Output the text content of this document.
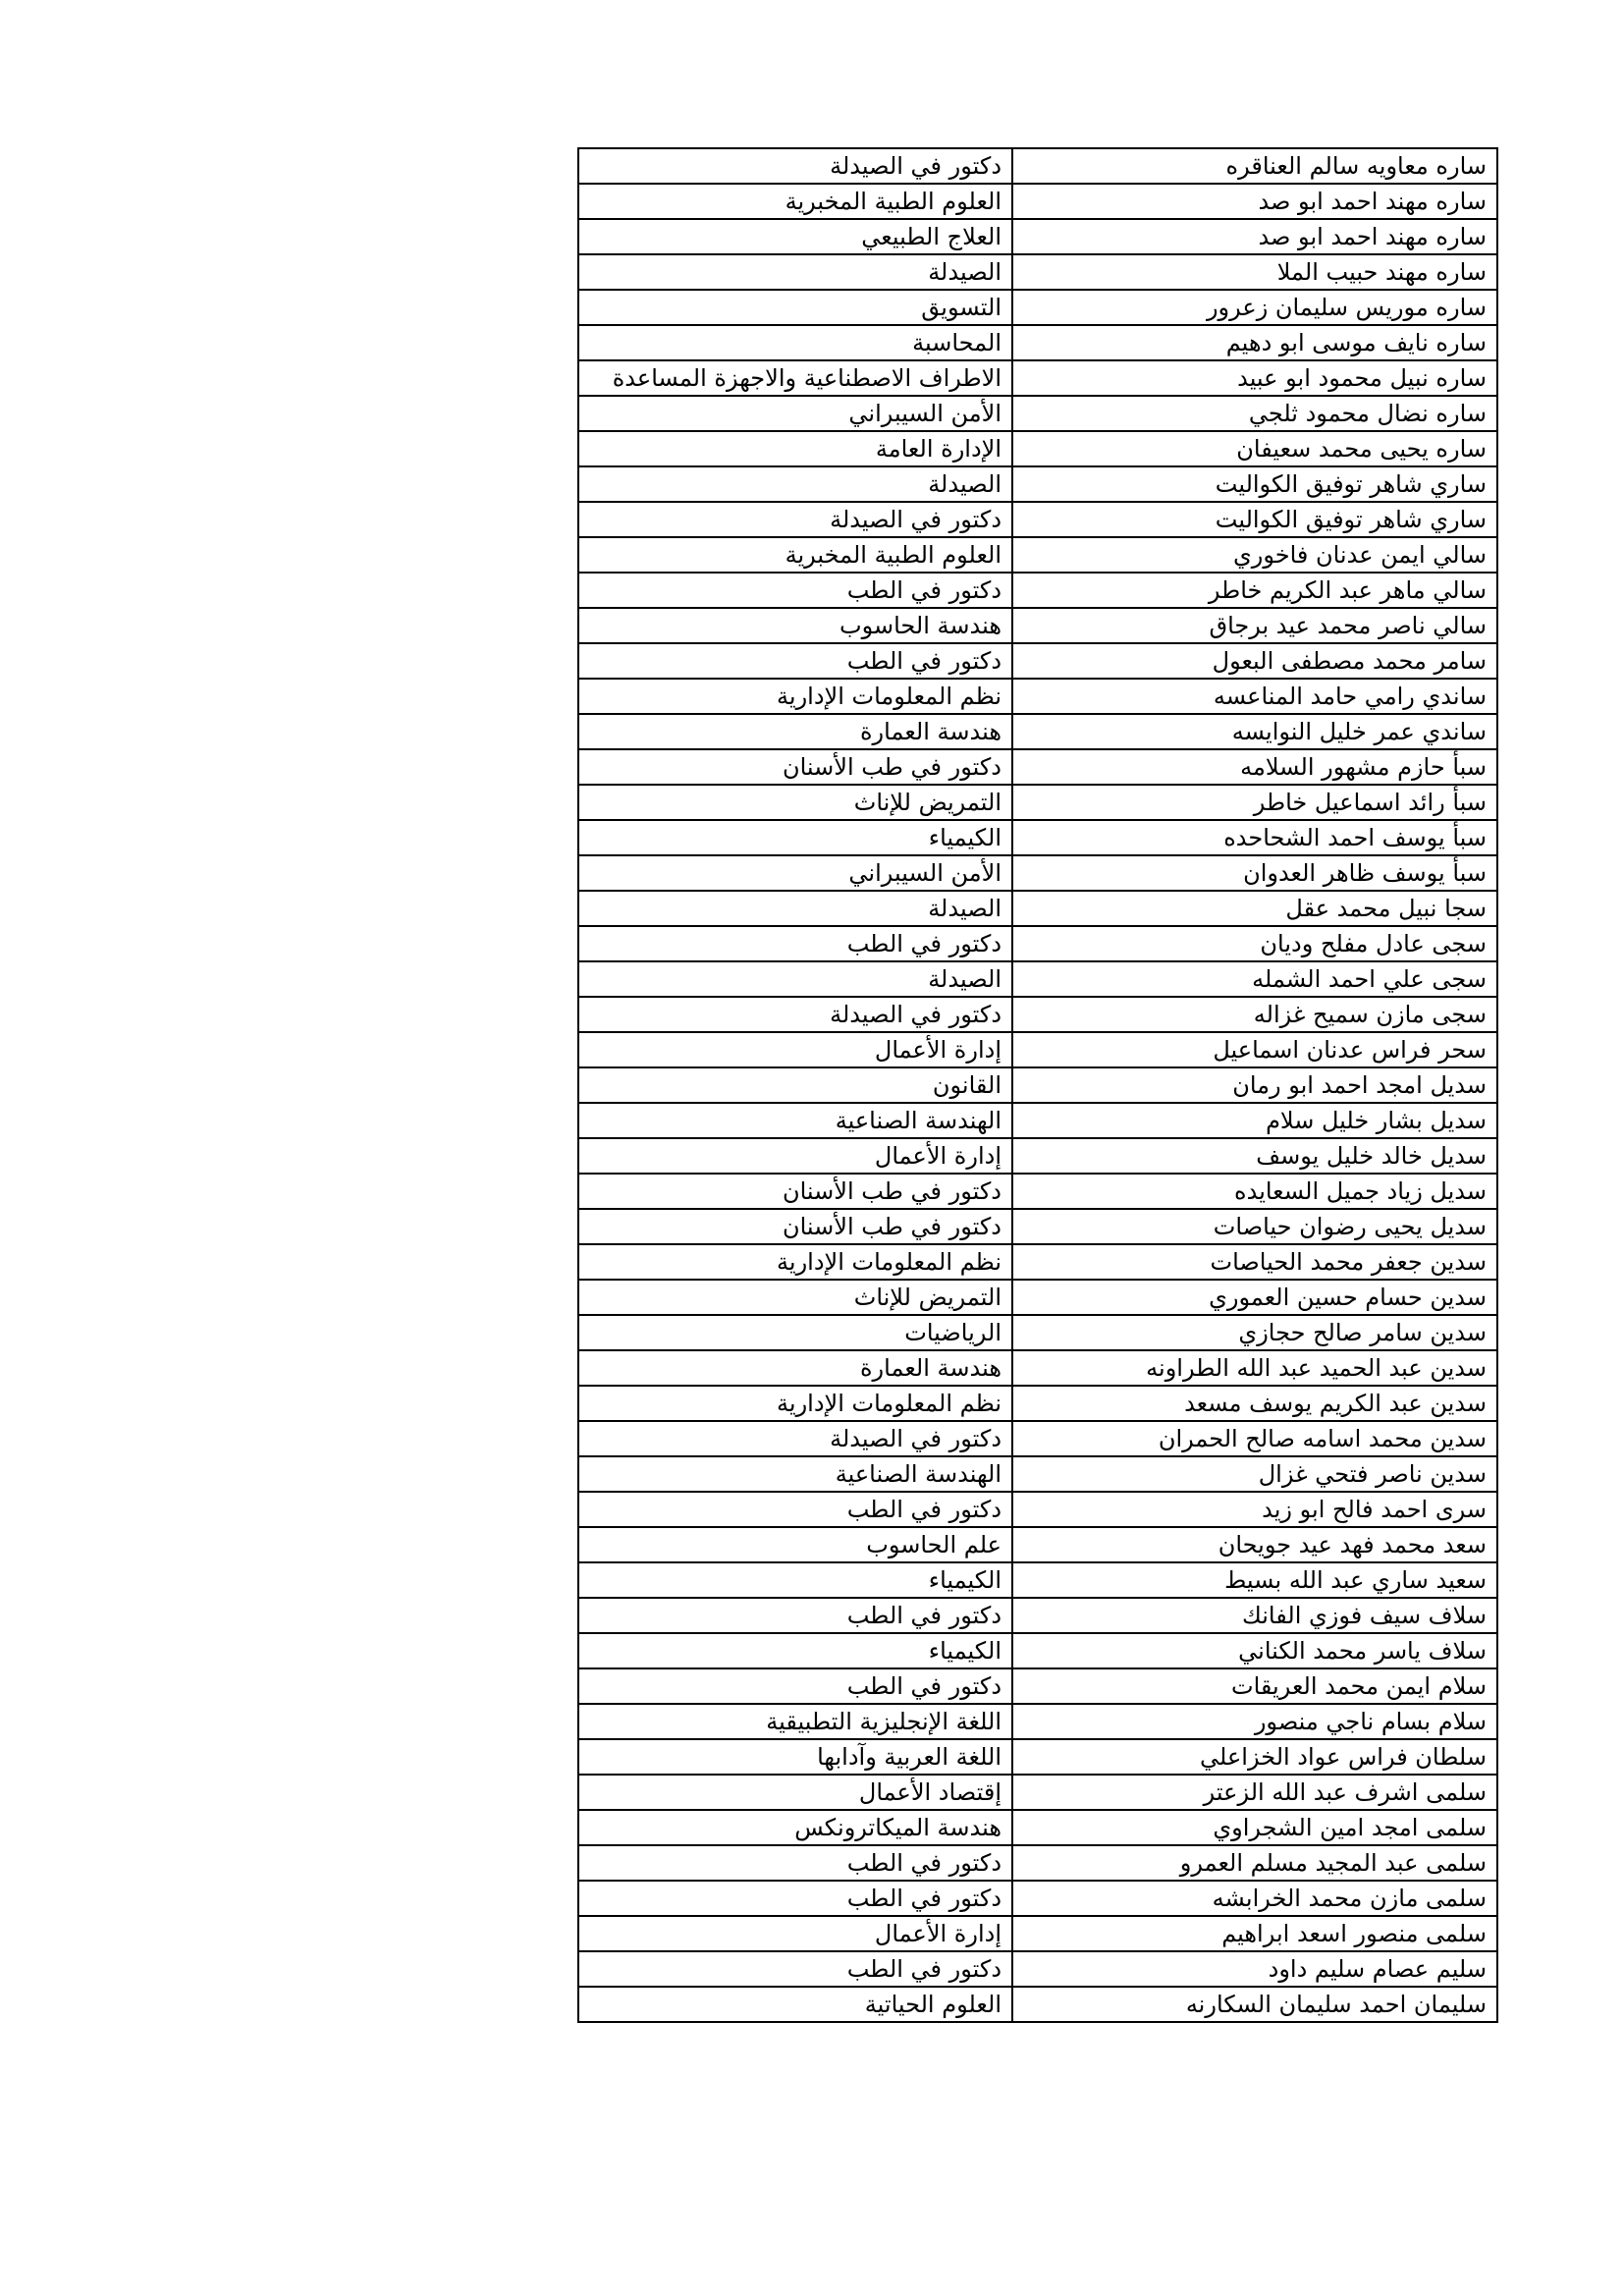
ساره معاويه سالم العناقره	دكتور في الصيدلة
ساره مهند احمد ابو صد	العلوم الطبية المخبرية
ساره مهند احمد ابو صد	العلاج الطبيعي
ساره مهند حبيب الملا	الصيدلة
ساره موريس سليمان زعرور	التسويق
ساره نايف موسى ابو دهيم	المحاسبة
ساره نبيل محمود ابو عبيد	الاطراف الاصطناعية والاجهزة المساعدة
ساره نضال محمود ثلجي	الأمن السيبراني
ساره يحيى محمد سعيفان	الإدارة العامة
ساري شاهر توفيق الكواليت	الصيدلة
ساري شاهر توفيق الكواليت	دكتور في الصيدلة
سالي ايمن عدنان فاخوري	العلوم الطبية المخبرية
سالي ماهر عبد الكريم خاطر	دكتور في الطب
سالي ناصر محمد عيد برجاق	هندسة الحاسوب
سامر محمد مصطفى البعول	دكتور في الطب
ساندي رامي حامد المناعسه	نظم المعلومات الإدارية
ساندي عمر خليل النوايسه	هندسة العمارة
سبأ حازم مشهور السلامه	دكتور في طب الأسنان
سبأ رائد اسماعيل خاطر	التمريض للإناث
سبأ يوسف احمد الشحاحده	الكيمياء
سبأ يوسف ظاهر العدوان	الأمن السيبراني
سجا نبيل محمد عقل	الصيدلة
سجى عادل مفلح وديان	دكتور في الطب
سجى علي احمد الشمله	الصيدلة
سجى مازن سميح غزاله	دكتور في الصيدلة
سحر فراس عدنان اسماعيل	إدارة الأعمال
سديل امجد احمد ابو رمان	القانون
سديل بشار خليل سلام	الهندسة الصناعية
سديل خالد خليل يوسف	إدارة الأعمال
سديل زياد جميل السعايده	دكتور في طب الأسنان
سديل يحيى رضوان حياصات	دكتور في طب الأسنان
سدين جعفر محمد الحياصات	نظم المعلومات الإدارية
سدين حسام حسين العموري	التمريض للإناث
سدين سامر صالح حجازي	الرياضيات
سدين عبد الحميد عبد الله الطراونه	هندسة العمارة
سدين عبد الكريم يوسف مسعد	نظم المعلومات الإدارية
سدين محمد اسامه صالح الحمران	دكتور في الصيدلة
سدين ناصر فتحي غزال	الهندسة الصناعية
سرى احمد فالح ابو زيد	دكتور في الطب
سعد محمد فهد عيد جويحان	علم الحاسوب
سعيد ساري عبد الله بسيط	الكيمياء
سلاف سيف فوزي الفانك	دكتور في الطب
سلاف ياسر محمد الكناني	الكيمياء
سلام ايمن محمد العريقات	دكتور في الطب
سلام بسام ناجي منصور	اللغة الإنجليزية التطبيقية
سلطان فراس عواد الخزاعلي	اللغة العربية وآدابها
سلمى اشرف عبد الله الزعتر	إقتصاد الأعمال
سلمى امجد امين الشجراوي	هندسة الميكاترونكس
سلمى عبد المجيد مسلم العمرو	دكتور في الطب
سلمى مازن محمد الخرابشه	دكتور في الطب
سلمى منصور اسعد ابراهيم	إدارة الأعمال
سليم عصام سليم داود	دكتور في الطب
سليمان احمد سليمان السكارنه	العلوم الحياتية
